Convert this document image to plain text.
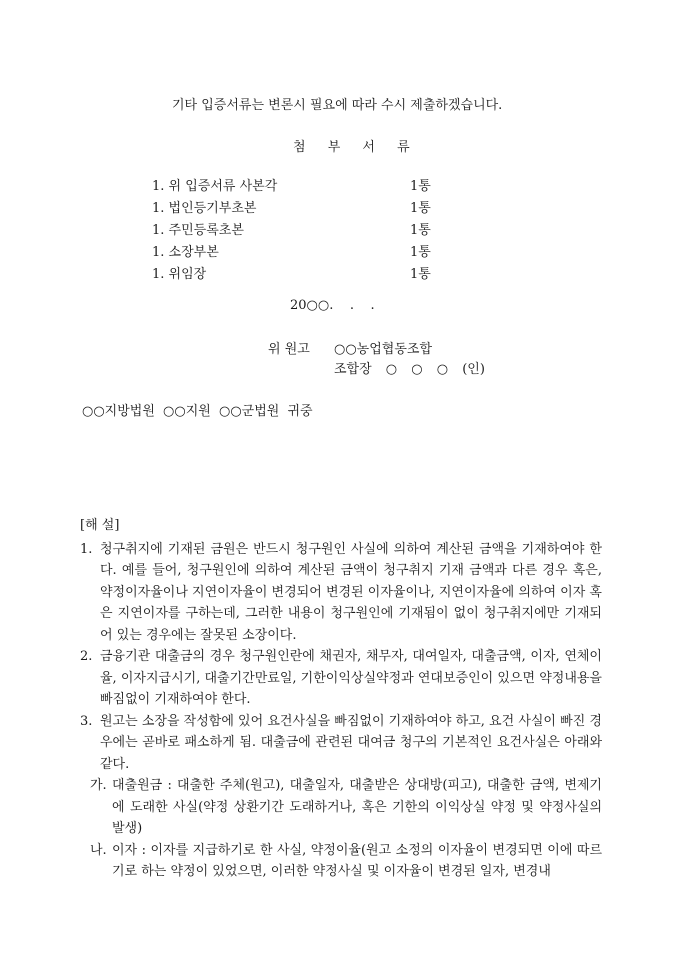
기타 입증서류는 변론시 필요에 따라 수시 제출하겠습니다.
첨 부 서 류
1. 위 입증서류 사본각	1통
1. 법인등기부초본	1통
1. 주민등록초본	1통
1. 소장부본	1통
1. 위임장	1통
20○○.    .    .
위 원고 ○○농업협동조합
조합장 ○ ○ ○ (인)
○○지방법원 ○○지원 ○○군법원 귀중
[해 설]
1. 청구취지에 기재된 금원은 반드시 청구원인 사실에 의하여 계산된 금액을 기재하여야 한다. 예를 들어, 청구원인에 의하여 계산된 금액이 청구취지 기재 금액과 다른 경우 혹은, 약정이자율이나 지연이자율이 변경되어 변경된 이자율이나, 지연이자율에 의하여 이자 혹은 지연이자를 구하는데, 그러한 내용이 청구원인에 기재됨이 없이 청구취지에만 기재되어 있는 경우에는 잘못된 소장이다.
2. 금융기관 대출금의 경우 청구원인란에 채권자, 채무자, 대여일자, 대출금액, 이자, 연체이율, 이자지급시기, 대출기간만료일, 기한이익상실약정과 연대보증인이 있으면 약정내용을 빠짐없이 기재하여야 한다.
3. 원고는 소장을 작성함에 있어 요건사실을 빠짐없이 기재하여야 하고, 요건 사실이 빠진 경우에는 곧바로 패소하게 됨. 대출금에 관련된 대여금 청구의 기본적인 요건사실은 아래와 같다.
가. 대출원금 : 대출한 주체(원고), 대출일자, 대출받은 상대방(피고), 대출한 금액, 변제기에 도래한 사실(약정 상환기간 도래하거나, 혹은 기한의 이익상실 약정 및 약정사실의 발생)
나. 이자 : 이자를 지급하기로 한 사실, 약정이율(원고 소정의 이자율이 변경되면 이에 따르기로 하는 약정이 있었으면, 이러한 약정사실 및 이자율이 변경된 일자, 변경내
